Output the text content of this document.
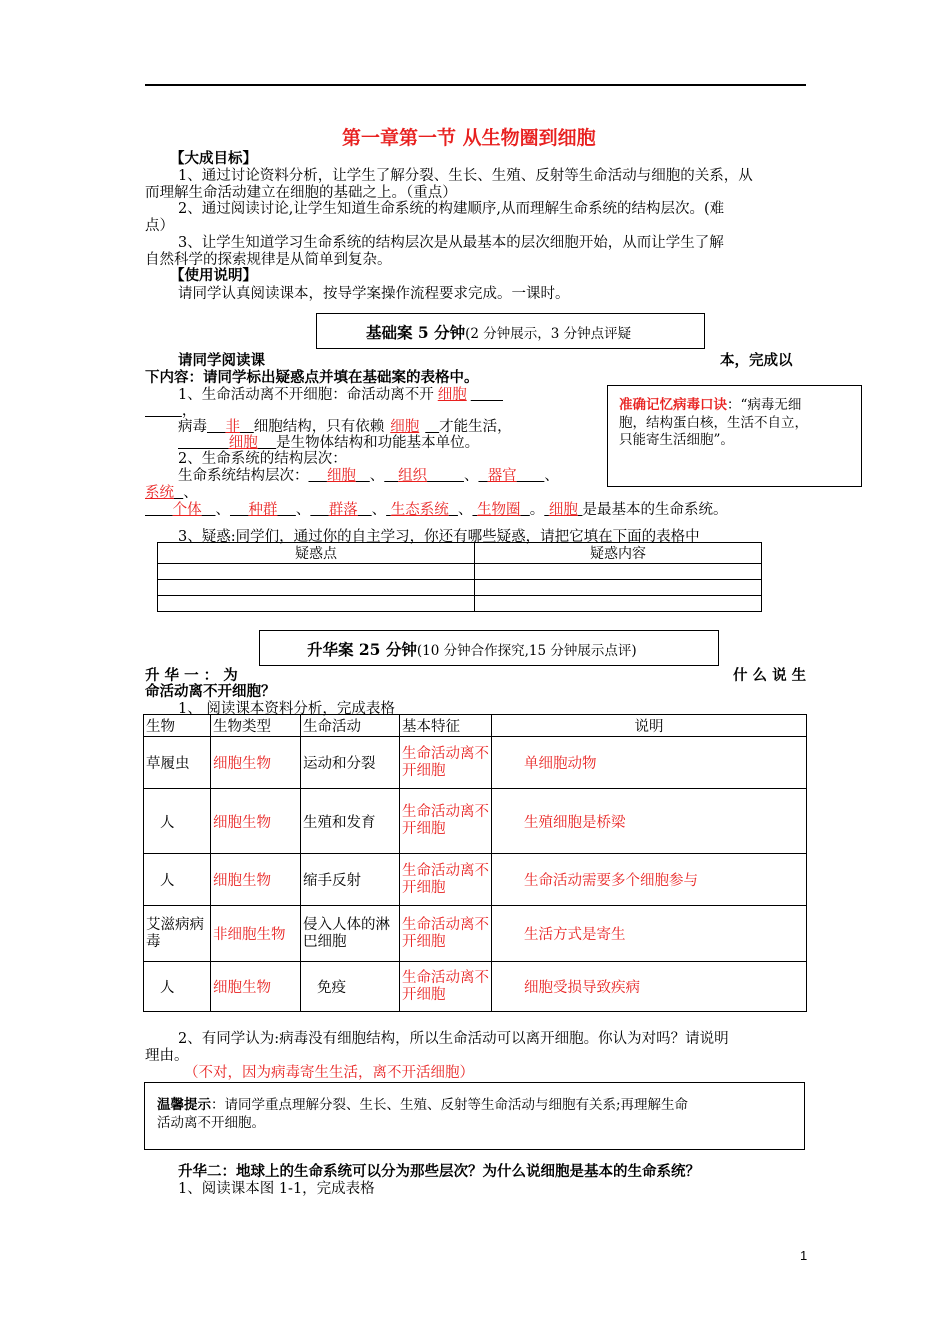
第一章第一节 从生物圈到细胞
【大成目标】
1、通过讨论资料分析，让学生了解分裂、生长、生殖、反射等生命活动与细胞的关系，从
而理解生命活动建立在细胞的基础之上。（重点）
2、通过阅读讨论,让学生知道生命系统的构建顺序,从而理解生命系统的结构层次。(难
点）
3、让学生知道学习生命系统的结构层次是从最基本的层次细胞开始，从而让学生了解
自然科学的探索规律是从简单到复杂。
【使用说明】
请同学认真阅读课本，按导学案操作流程要求完成。一课时。
基础案 5 分钟(2 分钟展示，3 分钟点评疑
请同学阅读课	本，完成以
下内容：请同学标出疑惑点并填在基础案的表格中。
1、生命活动离不开细胞：命活动离不开 细胞
，
病毒 非 细胞结构，只有依赖 细胞 才能生活，
细胞 是生物体结构和功能基本单位。
2、生命系统的结构层次：
生命系统结构层次： 细胞 、 组织	、 器官 、
系统 、
个体 、 种群 、 群落 、 生态系统 、 生物圈 。 细胞 是最基本的生命系统。
准确记忆病毒口诀：“病毒无细
胞，结构蛋白核，生活不自立，
只能寄生活细胞”。
3、疑惑:同学们，通过你的自主学习，你还有哪些疑惑，请把它填在下面的表格中
疑惑点	疑惑内容

升华案 25 分钟(10 分钟合作探究,15 分钟展示点评)
升 华 一 ： 为	什 么 说 生
命活动离不开细胞？
1、 阅读课本资料分析，完成表格
生物	生物类型	生命活动	基本特征	说明
草履虫	细胞生物	运动和分裂	生命活动离不开细胞	单细胞动物
人	细胞生物	生殖和发育	生命活动离不开细胞	生殖细胞是桥梁
人	细胞生物	缩手反射	生命活动离不开细胞	生命活动需要多个细胞参与
艾滋病病毒	非细胞生物	侵入人体的淋巴细胞	生命活动离不开细胞	生活方式是寄生
人	细胞生物	免疫	生命活动离不开细胞	细胞受损导致疾病
2、有同学认为:病毒没有细胞结构，所以生命活动可以离开细胞。你认为对吗？请说明
理由。
（不对，因为病毒寄生生活，离不开活细胞）
温馨提示：请同学重点理解分裂、生长、生殖、反射等生命活动与细胞有关系;再理解生命
活动离不开细胞。
升华二：地球上的生命系统可以分为那些层次？为什么说细胞是基本的生命系统？
1、阅读课本图 1-1，完成表格
1
